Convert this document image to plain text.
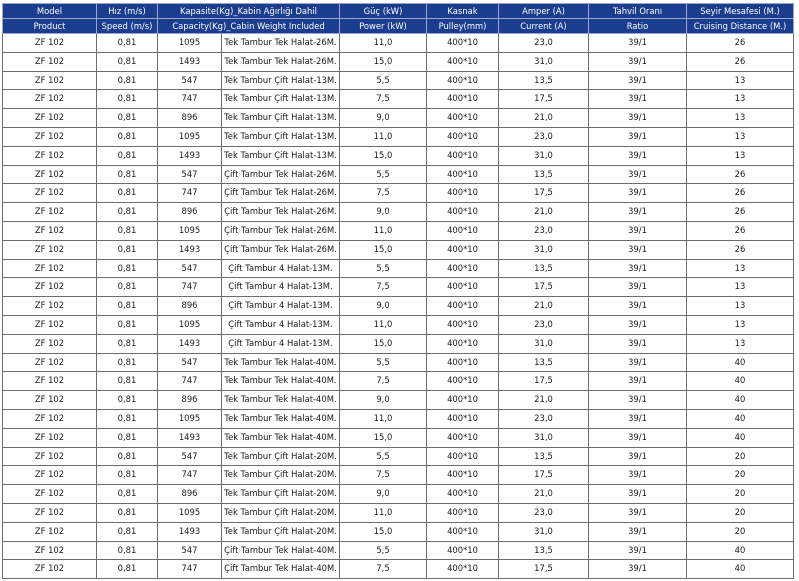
Model	Hız (m/s)	Kapasite(Kg)_Kabin Ağırlığı Dahil		Güç (kW)	Kasnak	Amper (A)	Tahvil Oranı	Seyir Mesafesi (M.)
Product	Speed (m/s)	Capacity(Kg)_Cabin Weight Included		Power (kW)	Pulley(mm)	Current (A)	Ratio	Cruising Distance (M.)
ZF 102	0,81	1095	Tek Tambur Tek Halat-26M.	11,0	400*10	23,0	39/1	26
ZF 102	0,81	1493	Tek Tambur Tek Halat-26M.	15,0	400*10	31,0	39/1	26
ZF 102	0,81	547	Tek Tambur Çift Halat-13M.	5,5	400*10	13,5	39/1	13
ZF 102	0,81	747	Tek Tambur Çift Halat-13M.	7,5	400*10	17,5	39/1	13
ZF 102	0,81	896	Tek Tambur Çift Halat-13M.	9,0	400*10	21,0	39/1	13
ZF 102	0,81	1095	Tek Tambur Çift Halat-13M.	11,0	400*10	23,0	39/1	13
ZF 102	0,81	1493	Tek Tambur Çift Halat-13M.	15,0	400*10	31,0	39/1	13
ZF 102	0,81	547	Çift Tambur Tek Halat-26M.	5,5	400*10	13,5	39/1	26
ZF 102	0,81	747	Çift Tambur Tek Halat-26M.	7,5	400*10	17,5	39/1	26
ZF 102	0,81	896	Çift Tambur Tek Halat-26M.	9,0	400*10	21,0	39/1	26
ZF 102	0,81	1095	Çift Tambur Tek Halat-26M.	11,0	400*10	23,0	39/1	26
ZF 102	0,81	1493	Çift Tambur Tek Halat-26M.	15,0	400*10	31,0	39/1	26
ZF 102	0,81	547	Çift Tambur 4 Halat-13M.	5,5	400*10	13,5	39/1	13
ZF 102	0,81	747	Çift Tambur 4 Halat-13M.	7,5	400*10	17,5	39/1	13
ZF 102	0,81	896	Çift Tambur 4 Halat-13M.	9,0	400*10	21,0	39/1	13
ZF 102	0,81	1095	Çift Tambur 4 Halat-13M.	11,0	400*10	23,0	39/1	13
ZF 102	0,81	1493	Çift Tambur 4 Halat-13M.	15,0	400*10	31,0	39/1	13
ZF 102	0,81	547	Tek Tambur Tek Halat-40M.	5,5	400*10	13,5	39/1	40
ZF 102	0,81	747	Tek Tambur Tek Halat-40M.	7,5	400*10	17,5	39/1	40
ZF 102	0,81	896	Tek Tambur Tek Halat-40M.	9,0	400*10	21,0	39/1	40
ZF 102	0,81	1095	Tek Tambur Tek Halat-40M.	11,0	400*10	23,0	39/1	40
ZF 102	0,81	1493	Tek Tambur Tek Halat-40M.	15,0	400*10	31,0	39/1	40
ZF 102	0,81	547	Tek Tambur Çift Halat-20M.	5,5	400*10	13,5	39/1	20
ZF 102	0,81	747	Tek Tambur Çift Halat-20M.	7,5	400*10	17,5	39/1	20
ZF 102	0,81	896	Tek Tambur Çift Halat-20M.	9,0	400*10	21,0	39/1	20
ZF 102	0,81	1095	Tek Tambur Çift Halat-20M.	11,0	400*10	23,0	39/1	20
ZF 102	0,81	1493	Tek Tambur Çift Halat-20M.	15,0	400*10	31,0	39/1	20
ZF 102	0,81	547	Çift Tambur Tek Halat-40M.	5,5	400*10	13,5	39/1	40
ZF 102	0,81	747	Çift Tambur Tek Halat-40M.	7,5	400*10	17,5	39/1	40
